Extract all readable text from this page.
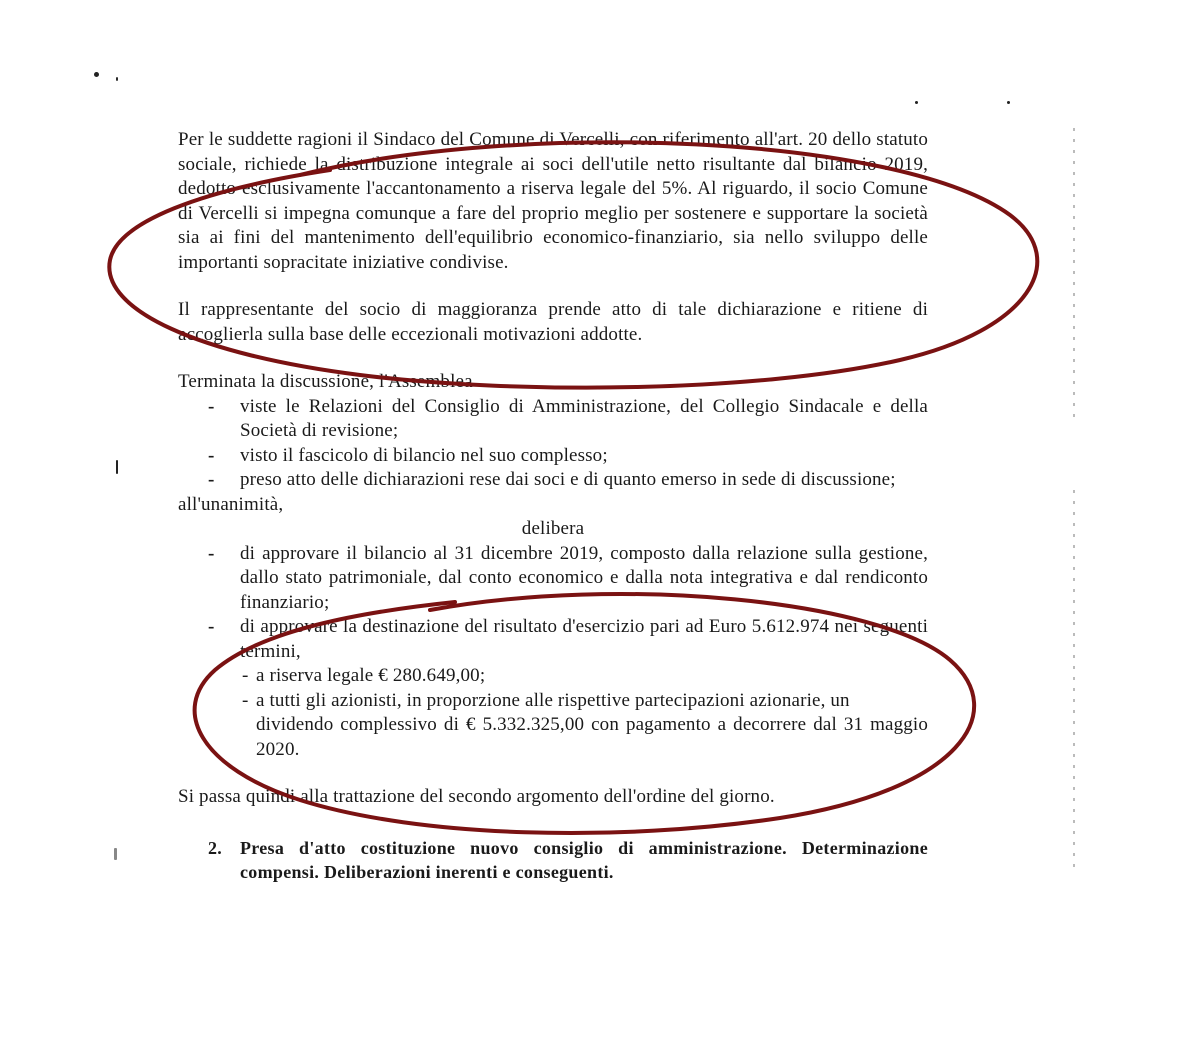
Per le suddette ragioni il Sindaco del Comune di Vercelli, con riferimento all'art. 20 dello statuto sociale, richiede la distribuzione integrale ai soci dell'utile netto risultante dal bilancio 2019, dedotto esclusivamente l'accantonamento a riserva legale del 5%. Al riguardo, il socio Comune di Vercelli si impegna comunque a fare del proprio meglio per sostenere e supportare la società sia ai fini del mantenimento dell'equilibrio economico-finanziario, sia nello sviluppo delle importanti sopracitate iniziative condivise.

Il rappresentante del socio di maggioranza prende atto di tale dichiarazione e ritiene di accoglierla sulla base delle eccezionali motivazioni addotte.

Terminata la discussione, l'Assemblea

- viste le Relazioni del Consiglio di Amministrazione, del Collegio Sindacale e della Società di revisione;
- visto il fascicolo di bilancio nel suo complesso;
- preso atto delle dichiarazioni rese dai soci e di quanto emerso in sede di discussione;

all'unanimità,

delibera

- di approvare il bilancio al 31 dicembre 2019, composto dalla relazione sulla gestione, dallo stato patrimoniale, dal conto economico e dalla nota integrativa e dal rendiconto finanziario;
- di approvare la destinazione del risultato d'esercizio pari ad Euro 5.612.974 nei seguenti termini,
- a riserva legale € 280.649,00;
- a tutti gli azionisti, in proporzione alle rispettive partecipazioni azionarie, un
dividendo complessivo di € 5.332.325,00 con pagamento a decorrere dal 31 maggio 2020.

Si passa quindi alla trattazione del secondo argomento dell'ordine del giorno.

2. Presa d'atto costituzione nuovo consiglio di amministrazione. Determinazione compensi. Deliberazioni inerenti e conseguenti.
